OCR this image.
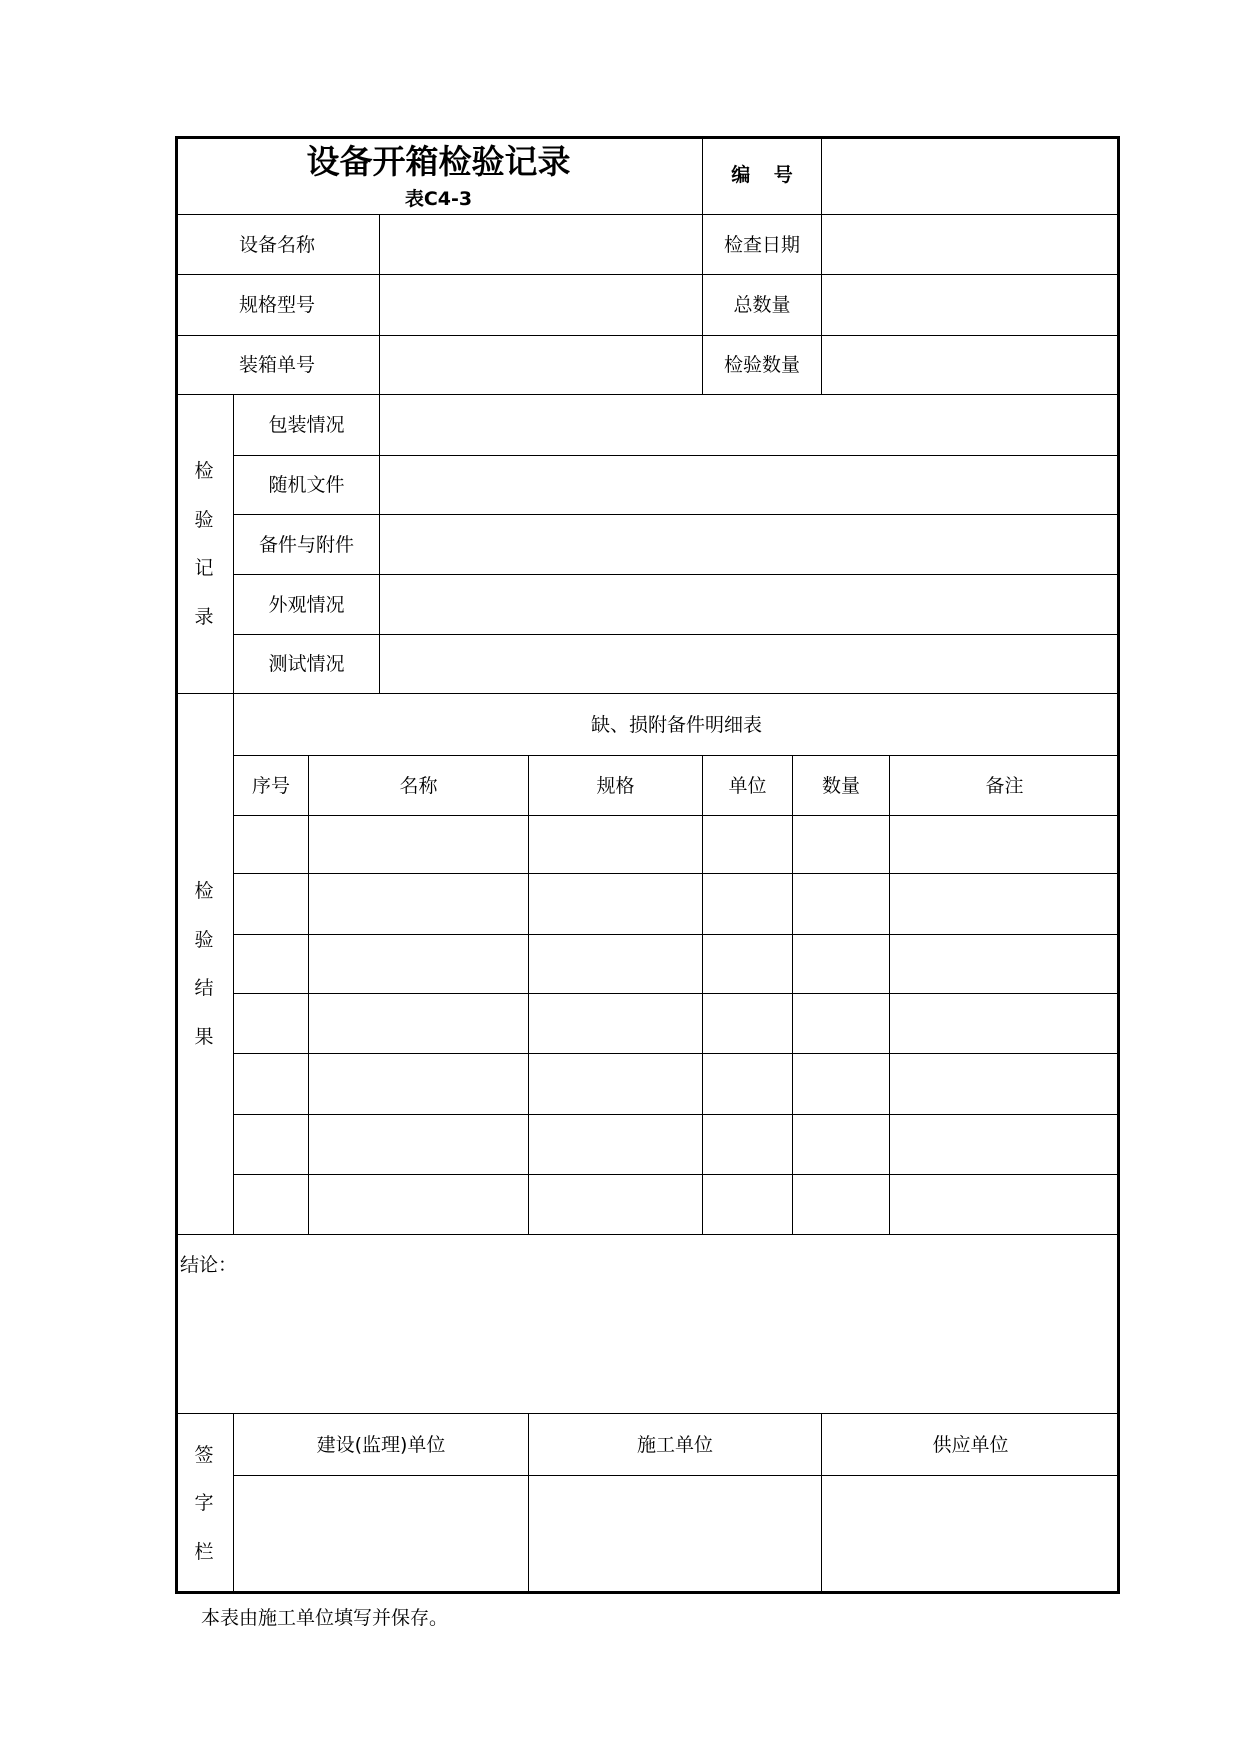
设备开箱检验记录
表C4-3
编 号
设备名称	检查日期
规格型号	总数量
装箱单号	检验数量
检验记录
包装情况
随机文件
备件与附件
外观情况
测试情况
检验结果
缺、损附备件明细表
序号	名称	规格	单位	数量	备注
结论：
签字栏
建设(监理)单位	施工单位	供应单位
本表由施工单位填写并保存。
